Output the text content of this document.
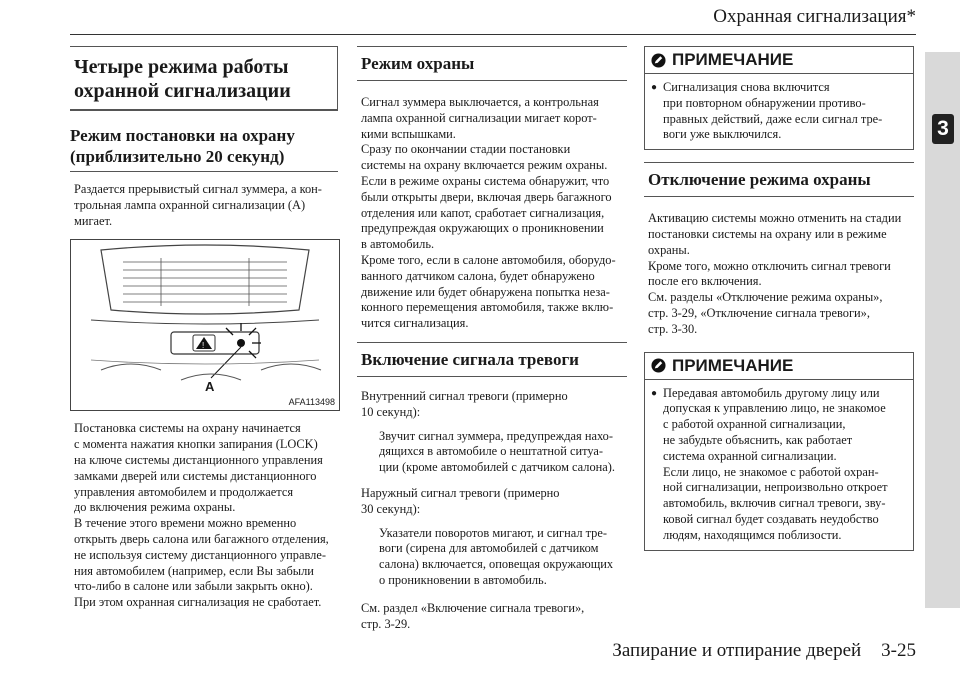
Охранная сигнализация*
3
Четыре режима работы
охранной сигнализации
Режим постановки на охрану
(приблизительно 20 секунд)

Раздается прерывистый сигнал зуммера, а кон-

трольная лампа охранной сигнализации (A)

мигает.

!
A
AFA113498

Постановка системы на охрану начинается

с момента нажатия кнопки запирания (LOCK)

на ключе системы дистанционного управления

замками дверей или системы дистанционного

управления автомобилем и продолжается

до включения режима охраны.

В течение этого времени можно временно

открыть дверь салона или багажного отделения,

не используя систему дистанционного управле-

ния автомобилем (например, если Вы забыли

что-либо в салоне или забыли закрыть окно).

При этом охранная сигнализация не сработает.

Режим охраны

Сигнал зуммера выключается, а контрольная

лампа охранной сигнализации мигает корот-

кими вспышками.

Сразу по окончании стадии постановки

системы на охрану включается режим охраны.

Если в режиме охраны система обнаружит, что

были открыты двери, включая дверь багажного

отделения или капот, сработает сигнализация,

предупреждая окружающих о проникновении

в автомобиль.

Кроме того, если в салоне автомобиля, оборудо-

ванного датчиком салона, будет обнаружено

движение или будет обнаружена попытка неза-

конного перемещения автомобиля, также вклю-

чится сигнализация.

Включение сигнала тревоги

Внутренний сигнал тревоги (примерно

10 секунд):

Звучит сигнал зуммера, предупреждая нахо-

дящихся в автомобиле о нештатной ситуа-

ции (кроме автомобилей с датчиком салона).

Наружный сигнал тревоги (примерно

30 секунд):

Указатели поворотов мигают, и сигнал тре-

воги (сирена для автомобилей с датчиком

салона) включается, оповещая окружающих

о проникновении в автомобиль.

См. раздел «Включение сигнала тревоги»,

стр. 3-29.

ПРИМЕЧАНИЕ
● Сигнализация снова включится

при повторном обнаружении противо-

правных действий, даже если сигнал тре-

воги уже выключился.

Отключение режима охраны

Активацию системы можно отменить на стадии

постановки системы на охрану или в режиме

охраны.

Кроме того, можно отключить сигнал тревоги

после его включения.

См. разделы «Отключение режима охраны»,

стр. 3-29, «Отключение сигнала тревоги»,

стр. 3-30.

ПРИМЕЧАНИЕ
● Передавая автомобиль другому лицу или

допуская к управлению лицо, не знакомое

с работой охранной сигнализации,

не забудьте объяснить, как работает

система охранной сигнализации.

Если лицо, не знакомое с работой охран-

ной сигнализации, непроизвольно откроет

автомобиль, включив сигнал тревоги, зву-

ковой сигнал будет создавать неудобство

людям, находящимся поблизости.

Запирание и отпирание дверей 3-25
